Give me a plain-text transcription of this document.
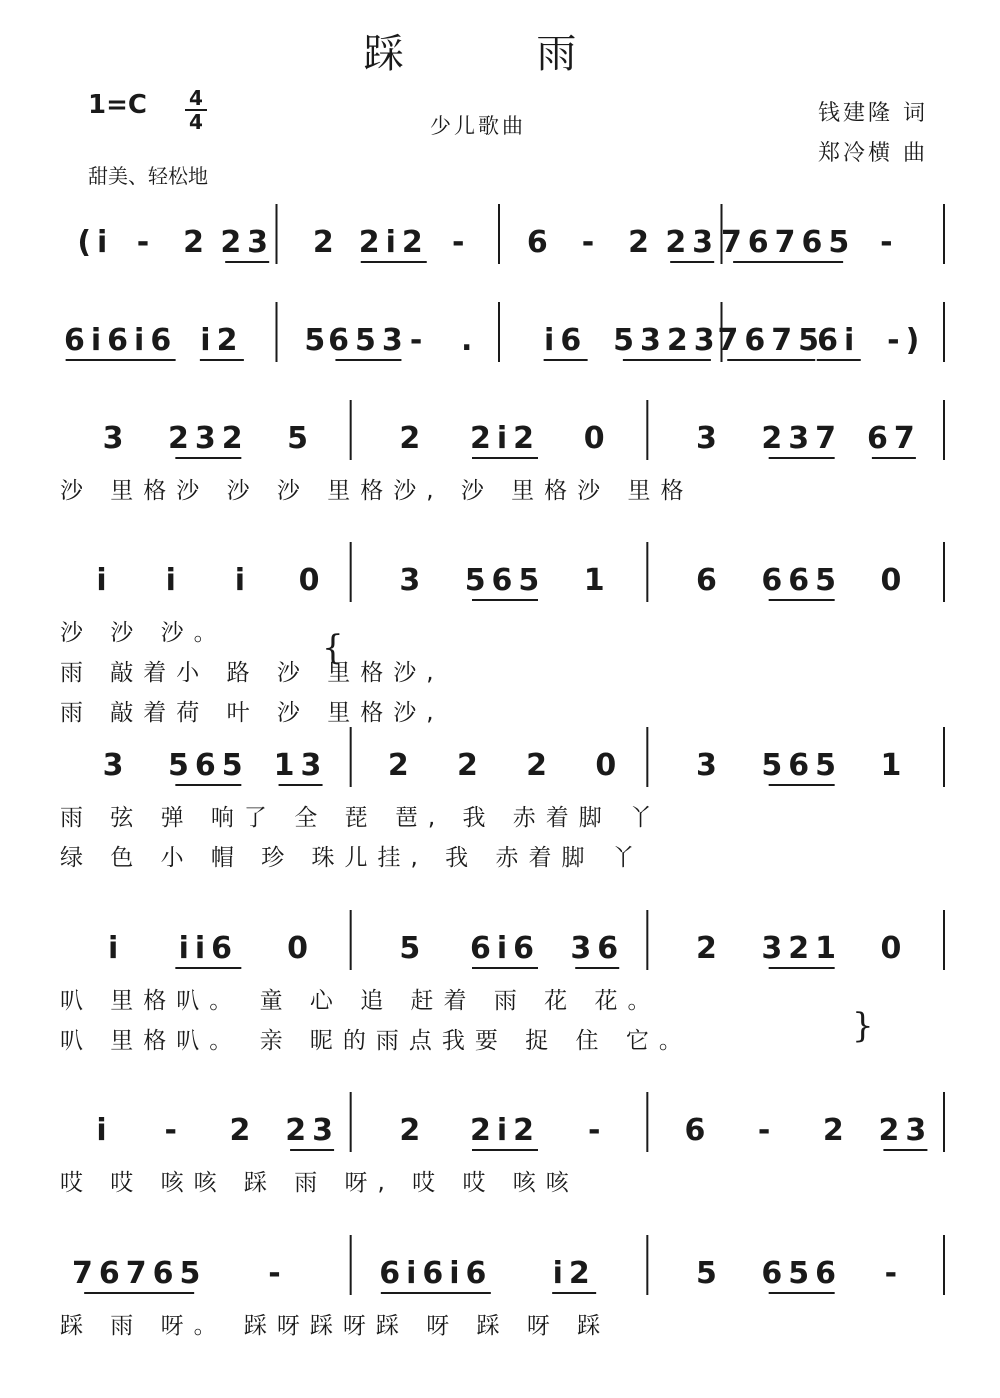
踩 雨
1=C 4
4	少儿歌曲	钱建隆 词
郑冷横 曲
甜美、轻松地
(i - 2 23 2 2i2 - 6 - 2 23 76765 -
6i6i6 i2 5
653 - . i6 5323
7675
6i -)
3 232 5	2 2i2 0	3 237 67
沙 里格沙 沙 沙 里格沙, 沙 里格沙 里格
i i i 0 3 565 1	6 665 0
沙 沙 沙。
雨 敲着小 路 沙 里格沙,
雨 敲着荷 叶 沙 里格沙,
3 565 13 2 2 2 0 3 565 1
雨 弦 弹 响了 全 琵 琶, 我 赤着脚 丫
绿 色 小 帽 珍 珠儿挂, 我 赤着脚 丫
i ii6 0	5 6i6 36 2 321 0
叭 里格叭。 童 心 追 赶着 雨 花 花。
叭 里格叭。 亲 昵的雨点我要 捉 住 它。
i - 2 23 2 2i2 -	6 - 2 23
哎 哎 咳咳 踩 雨 呀, 哎 哎 咳咳
76765 -	6i6i6 i2	5 656 -
踩 雨 呀。 踩呀踩呀踩 呀 踩 呀 踩
{
}
